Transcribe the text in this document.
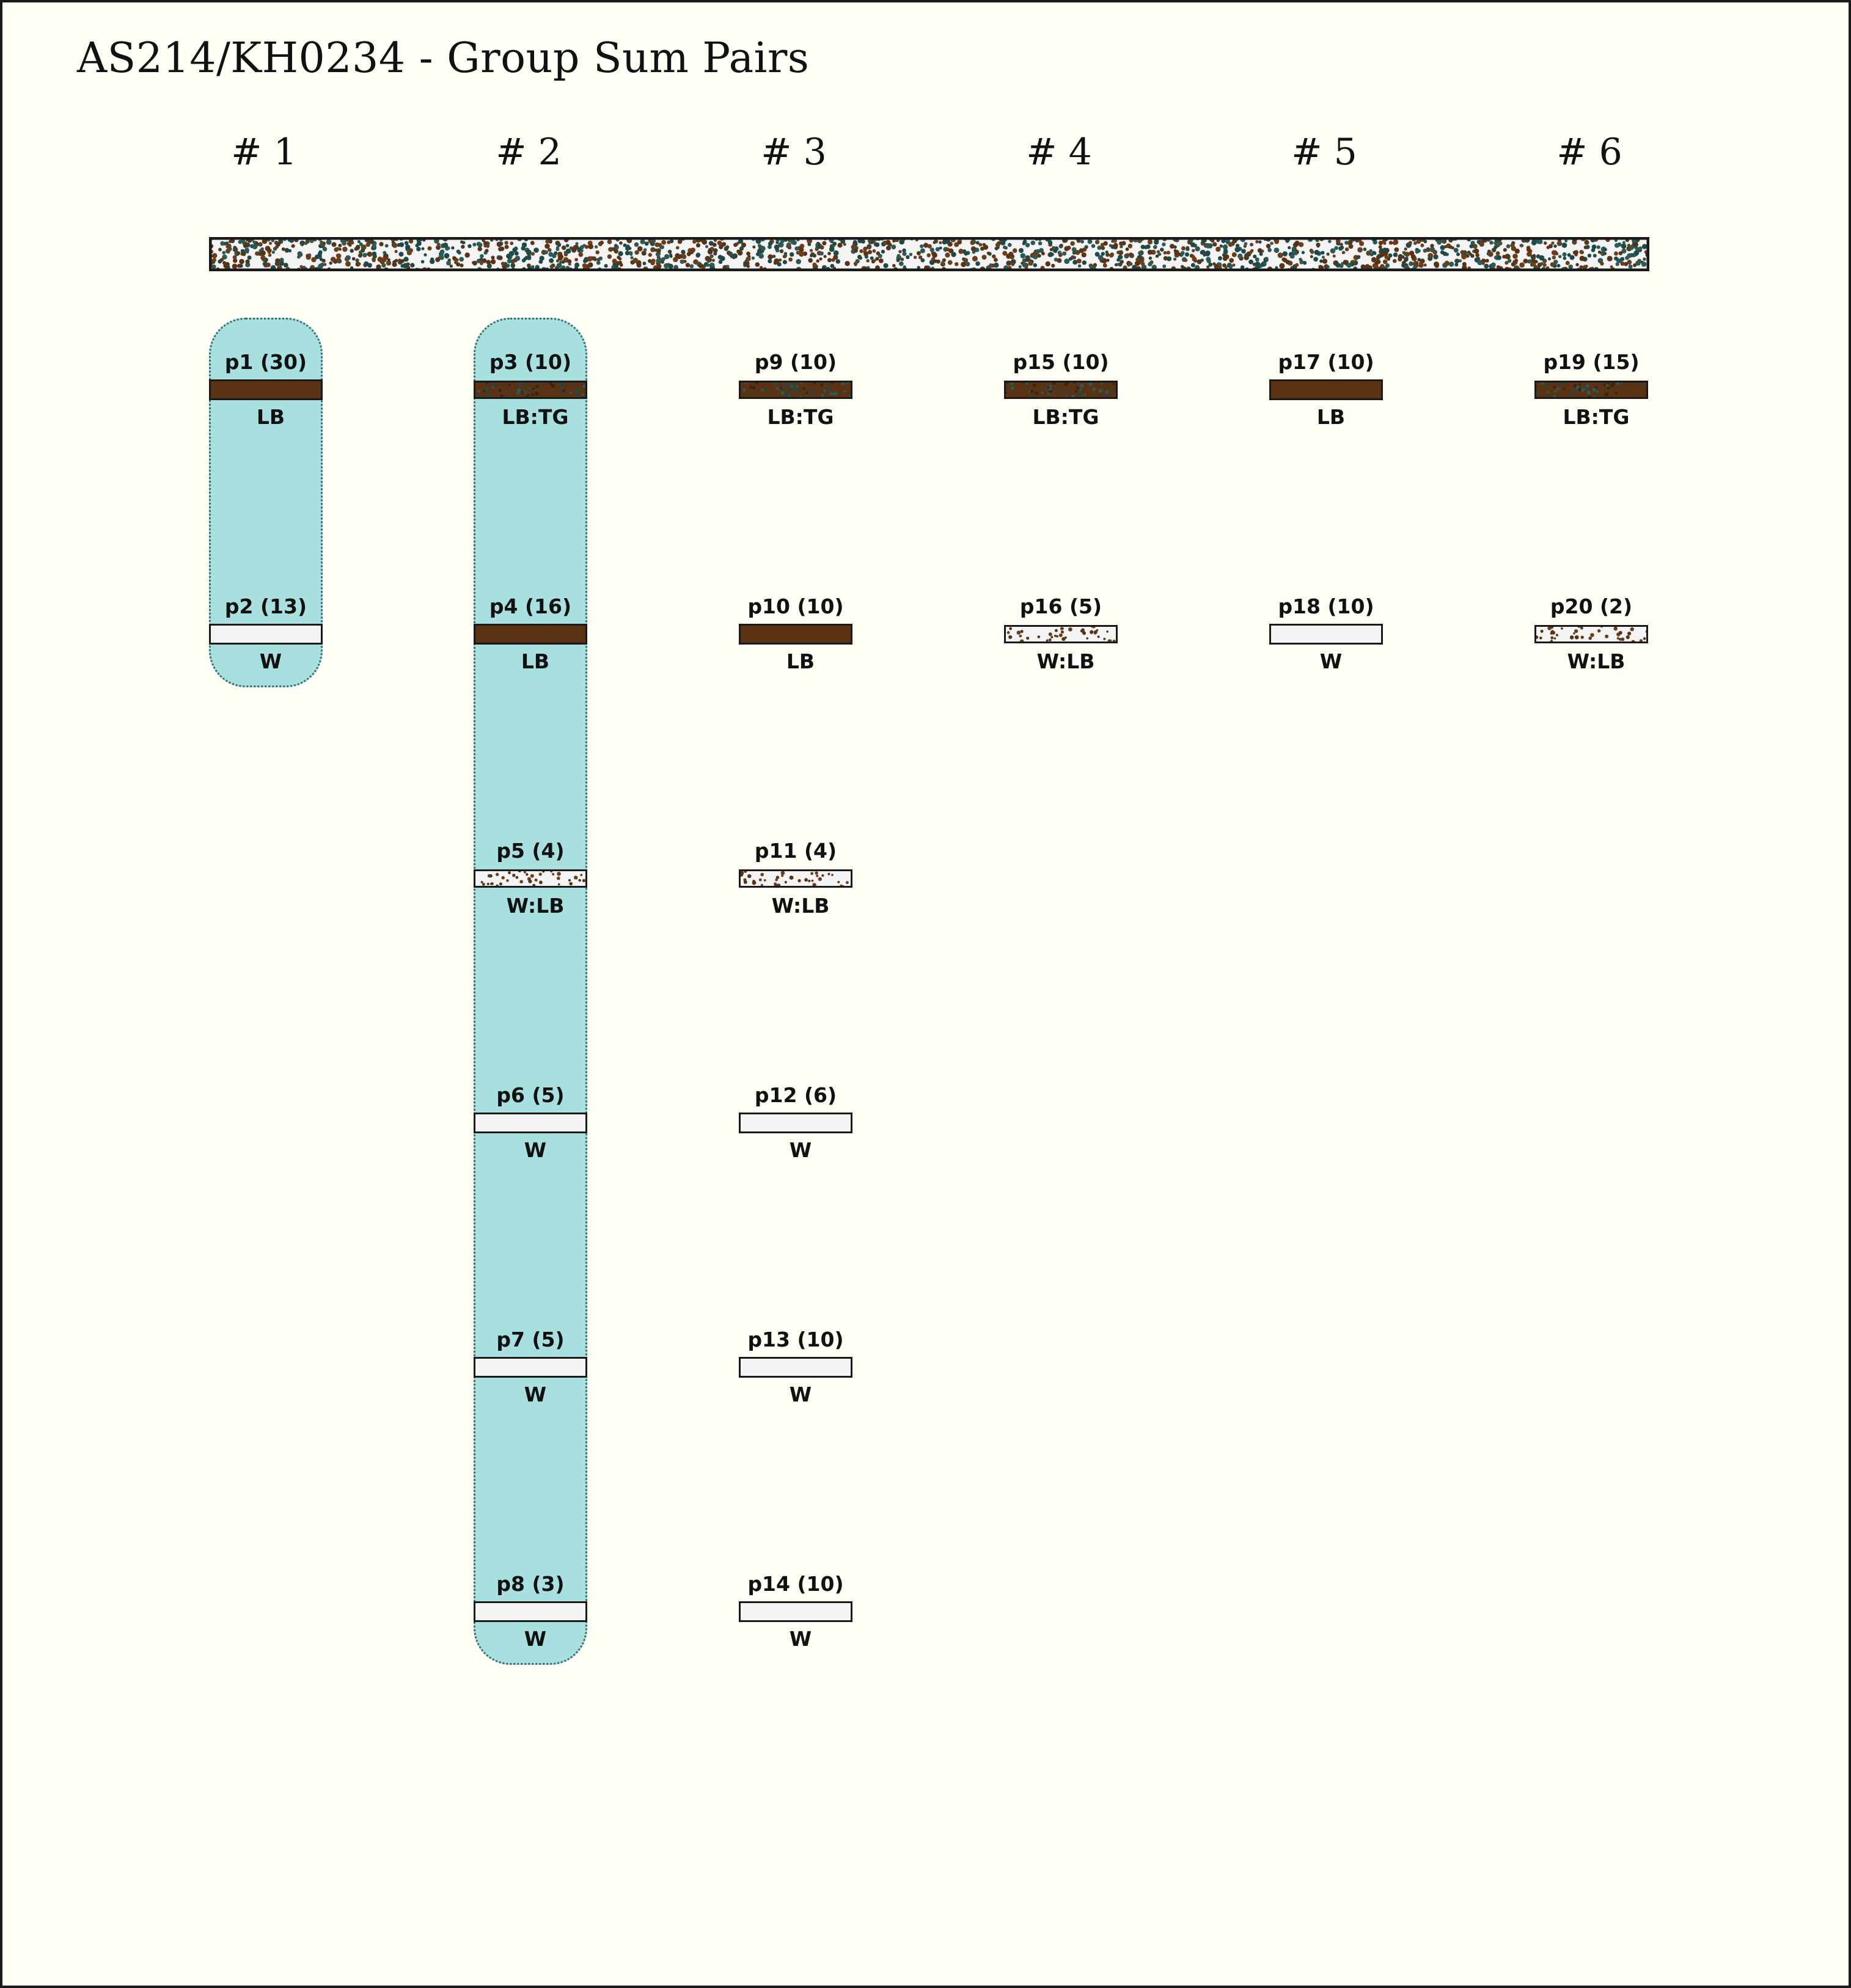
AS214/KH0234 - Group Sum Pairs
# 1
p1 (30)
LB
p2 (13)
W
# 2
p3 (10)
LB:TG
p4 (16)
LB
p5 (4)
W:LB
p6 (5)
W
p7 (5)
W
p8 (3)
W
# 3
p9 (10)
LB:TG
p10 (10)
LB
p11 (4)
W:LB
p12 (6)
W
p13 (10)
W
p14 (10)
W
# 4
p15 (10)
LB:TG
p16 (5)
W:LB
# 5
p17 (10)
LB
p18 (10)
W
# 6
p19 (15)
LB:TG
p20 (2)
W:LB
